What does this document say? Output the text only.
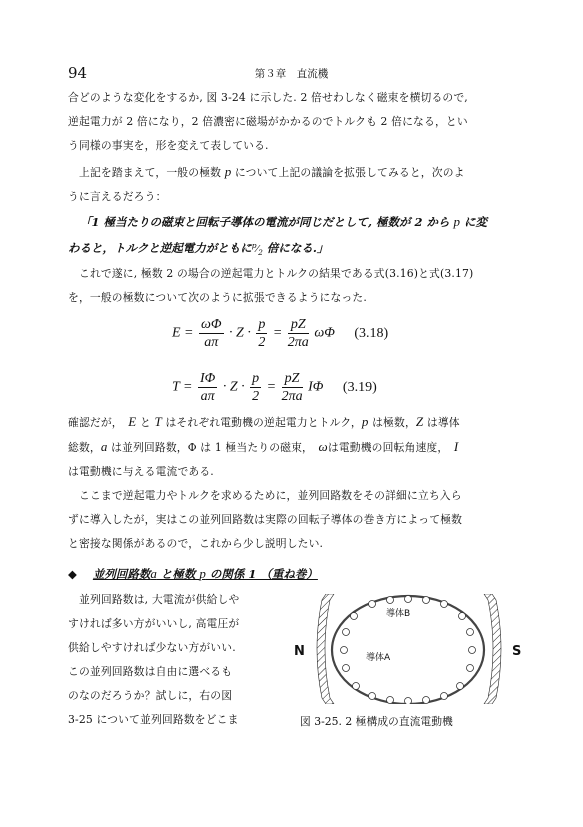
94	第３章　直流機
合どのような変化をするか, 図 3-24 に示した. 2 倍せわしなく磁束を横切るので,
逆起電力が 2 倍になり，2 倍濃密に磁場がかかるのでトルクも 2 倍になる，とい
う同様の事実を，形を変えて表している.
上記を踏まえて，一般の極数 p について上記の議論を拡張してみると，次のよ
うに言えるだろう：
「1 極当たりの磁束と回転子導体の電流が同じだとして, 極数が 2 から p に変
わると，トルクと逆起電力がともに$^p⁄_2$ 倍になる.」
これで遂に, 極数 2 の場合の逆起電力とトルクの結果である式(3.16)と式(3.17)
を，一般の極数について次のように拡張できるようになった.
$E = \frac{\omega\Phi}{a\pi} \cdot Z \cdot \frac{p}{2} = \frac{pZ}{2\pi a}$ ωΦ (3.18)
$T = \frac{I\Phi}{a\pi} \cdot Z \cdot \frac{p}{2} = \frac{pZ}{2\pi a}$ IΦ (3.19)
確認だが，　E と T はそれぞれ電動機の逆起電力とトルク，p は極数，Z は導体
総数，a は並列回路数，Φ は 1 極当たりの磁束，　ωは電動機の回転角速度，　I
は電動機に与える電流である.
ここまで逆起電力やトルクを求めるために，並列回路数をその詳細に立ち入ら
ずに導入したが，実はこの並列回路数は実際の回転子導体の巻き方によって極数
と密接な関係があるので，これから少し説明したい.
◆ 並列回路数a と極数 p の関係 1 （重ね巻）
並列回路数は, 大電流が供給しや
すければ多い方がいいし, 高電圧が
供給しやすければ少ない方がいい.
この並列回路数は自由に選べるも
のなのだろうか？試しに，右の図
3-25 について並列回路数をどこま
N	S
導体B
導体A
図 3-25. 2 極構成の直流電動機
